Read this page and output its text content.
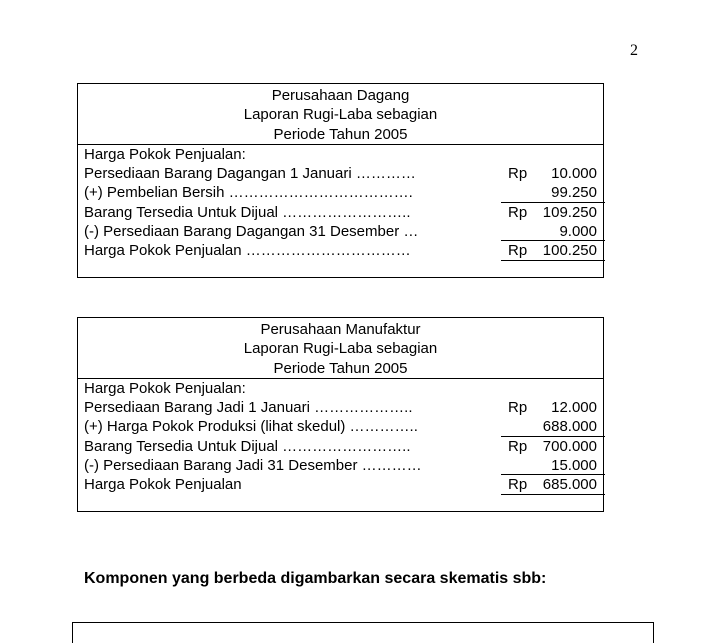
2
Perusahaan Dagang
Laporan Rugi-Laba sebagian
Periode Tahun 2005
Harga Pokok Penjualan:
Persediaan Barang Dagangan 1 Januari …………	Rp 10.000
(+) Pembelian Bersih ……………………………….	99.250
Barang Tersedia Untuk Dijual ……………………..	Rp 109.250
(-) Persediaan Barang Dagangan 31 Desember …	9.000
Harga Pokok Penjualan ……………………………	Rp 100.250
Perusahaan Manufaktur
Laporan Rugi-Laba sebagian
Periode Tahun 2005
Harga Pokok Penjualan:
Persediaan Barang Jadi 1 Januari ………………..	Rp 12.000
(+) Harga Pokok Produksi (lihat skedul) …………..	688.000
Barang Tersedia Untuk Dijual ……………………..	Rp 700.000
(-) Persediaan Barang Jadi 31 Desember …………	15.000
Harga Pokok Penjualan	Rp 685.000
Komponen yang berbeda digambarkan secara skematis sbb:
